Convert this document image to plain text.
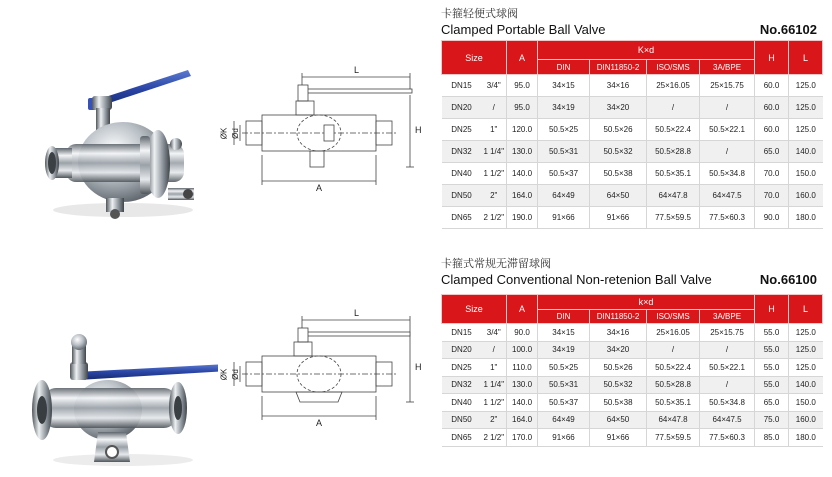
L
H
A
ØK Ød
卡箍轻便式球阀
Clamped Portable Ball Valve	No.66102
Size		A	K×d				H	L
			DIN	DIN11850-2	ISO/SMS	3A/BPE		
DN15	3/4"	95.0	34×15	34×16	25×16.05	25×15.75	60.0	125.0
DN20	/	95.0	34×19	34×20	/	/	60.0	125.0
DN25	1"	120.0	50.5×25	50.5×26	50.5×22.4	50.5×22.1	60.0	125.0
DN32	1 1/4"	130.0	50.5×31	50.5×32	50.5×28.8	/	65.0	140.0
DN40	1 1/2"	140.0	50.5×37	50.5×38	50.5×35.1	50.5×34.8	70.0	150.0
DN50	2"	164.0	64×49	64×50	64×47.8	64×47.5	70.0	160.0
DN65	2 1/2"	190.0	91×66	91×66	77.5×59.5	77.5×60.3	90.0	180.0
L
H
A
ØK Ød
卡箍式常规无滞留球阀
Clamped Conventional Non-retenion Ball Valve	No.66100
Size		A	k×d				H	L
			DIN	DIN11850-2	ISO/SMS	3A/BPE		
DN15	3/4"	90.0	34×15	34×16	25×16.05	25×15.75	55.0	125.0
DN20	/	100.0	34×19	34×20	/	/	55.0	125.0
DN25	1"	110.0	50.5×25	50.5×26	50.5×22.4	50.5×22.1	55.0	125.0
DN32	1 1/4"	130.0	50.5×31	50.5×32	50.5×28.8	/	55.0	140.0
DN40	1 1/2"	140.0	50.5×37	50.5×38	50.5×35.1	50.5×34.8	65.0	150.0
DN50	2"	164.0	64×49	64×50	64×47.8	64×47.5	75.0	160.0
DN65	2 1/2"	170.0	91×66	91×66	77.5×59.5	77.5×60.3	85.0	180.0
